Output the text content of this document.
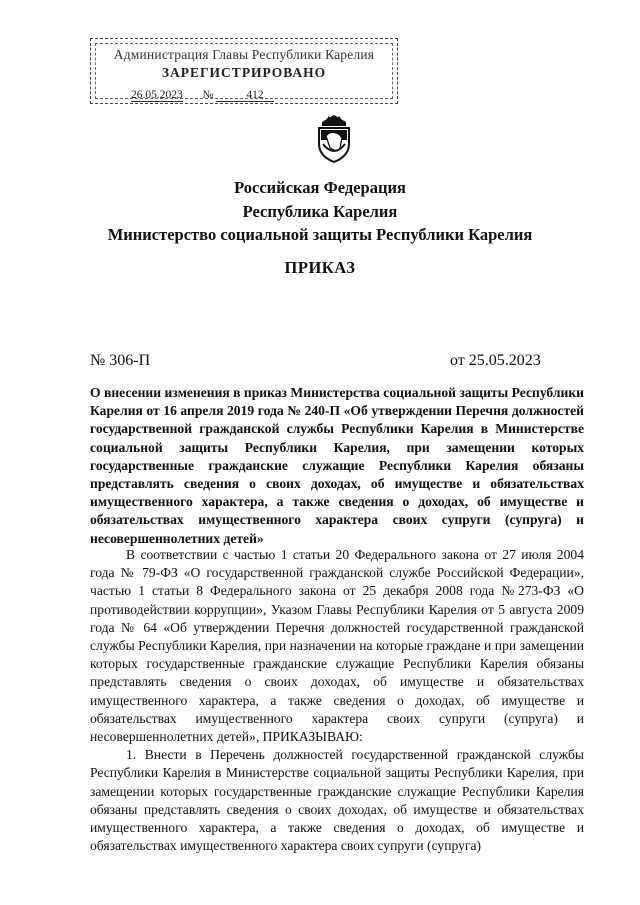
Администрация Главы Республики Карелия
ЗАРЕГИСТРИРОВАНО
26.05.2023 №	412
Российская Федерация
Республика Карелия
Министерство социальной защиты Республики Карелия
ПРИКАЗ
№ 306-П	от 25.05.2023
О внесении изменения в приказ Министерства социальной защиты Республики Карелия от 16 апреля 2019 года № 240-П «Об утверждении Перечня должностей государственной гражданской службы Республики Карелия в Министерстве социальной защиты Республики Карелия, при замещении которых государственные гражданские служащие Республики Карелия обязаны представлять сведения о своих доходах, об имуществе и обязательствах имущественного характера, а также сведения о доходах, об имуществе и обязательствах имущественного характера своих супруги (супруга) и несовершеннолетних детей»

В соответствии с частью 1 статьи 20 Федерального закона от 27 июля 2004 года № 79-ФЗ «О государственной гражданской службе Российской Федерации», частью 1 статьи 8 Федерального закона от 25 декабря 2008 года №273-ФЗ «О противодействии коррупции», Указом Главы Республики Карелия от 5 августа 2009 года № 64 «Об утверждении Перечня должностей государственной гражданской службы Республики Карелия, при назначении на которые граждане и при замещении которых государственные гражданские служащие Республики Карелия обязаны представлять сведения о своих доходах, об имуществе и обязательствах имущественного характера, а также сведения о доходах, об имуществе и обязательствах имущественного характера своих супруги (супруга) и несовершеннолетних детей», ПРИКАЗЫВАЮ:

1. Внести в Перечень должностей государственной гражданской службы Республики Карелия в Министерстве социальной защиты Республики Карелия, при замещении которых государственные гражданские служащие Республики Карелия обязаны представлять сведения о своих доходах, об имуществе и обязательствах имущественного характера, а также сведения о доходах, об имуществе и обязательствах имущественного характера своих супруги (супруга)
